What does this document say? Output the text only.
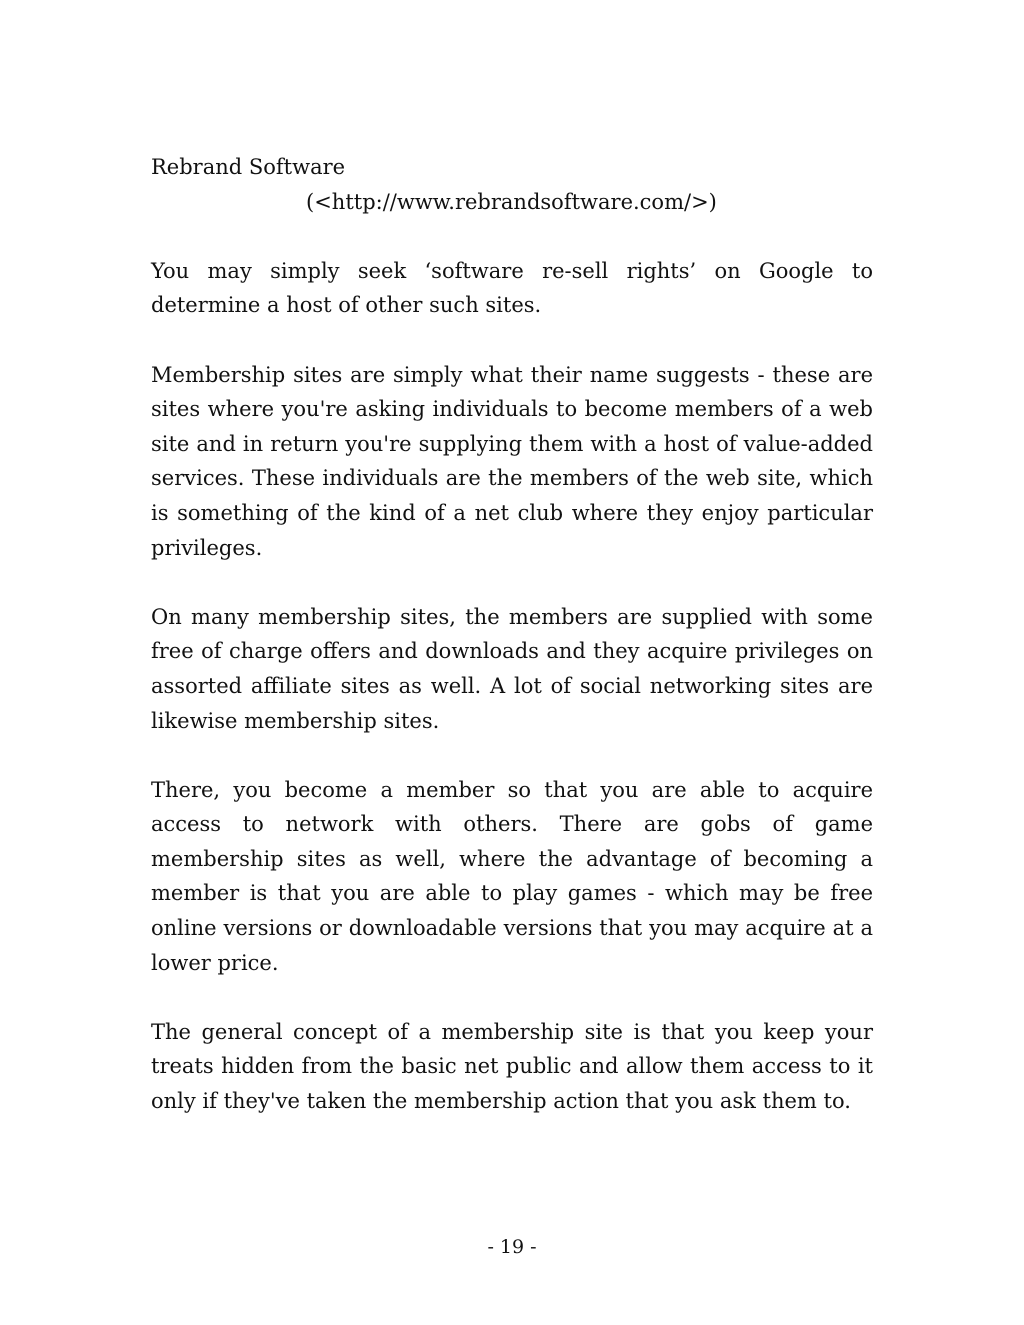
Rebrand Software

(<http://www.rebrandsoftware.com/>)

You may simply seek ‘software re-sell rights’ on Google to determine a host of other such sites.

Membership sites are simply what their name suggests - these are sites where you're asking individuals to become members of a web site and in return you're supplying them with a host of value-added services. These individuals are the members of the web site, which is something of the kind of a net club where they enjoy particular privileges.

On many membership sites, the members are supplied with some free of charge offers and downloads and they acquire privileges on assorted affiliate sites as well. A lot of social networking sites are likewise membership sites.

There, you become a member so that you are able to acquire access to network with others. There are gobs of game membership sites as well, where the advantage of becoming a member is that you are able to play games - which may be free online versions or downloadable versions that you may acquire at a lower price.

The general concept of a membership site is that you keep your treats hidden from the basic net public and allow them access to it only if they've taken the membership action that you ask them to.

- 19 -
